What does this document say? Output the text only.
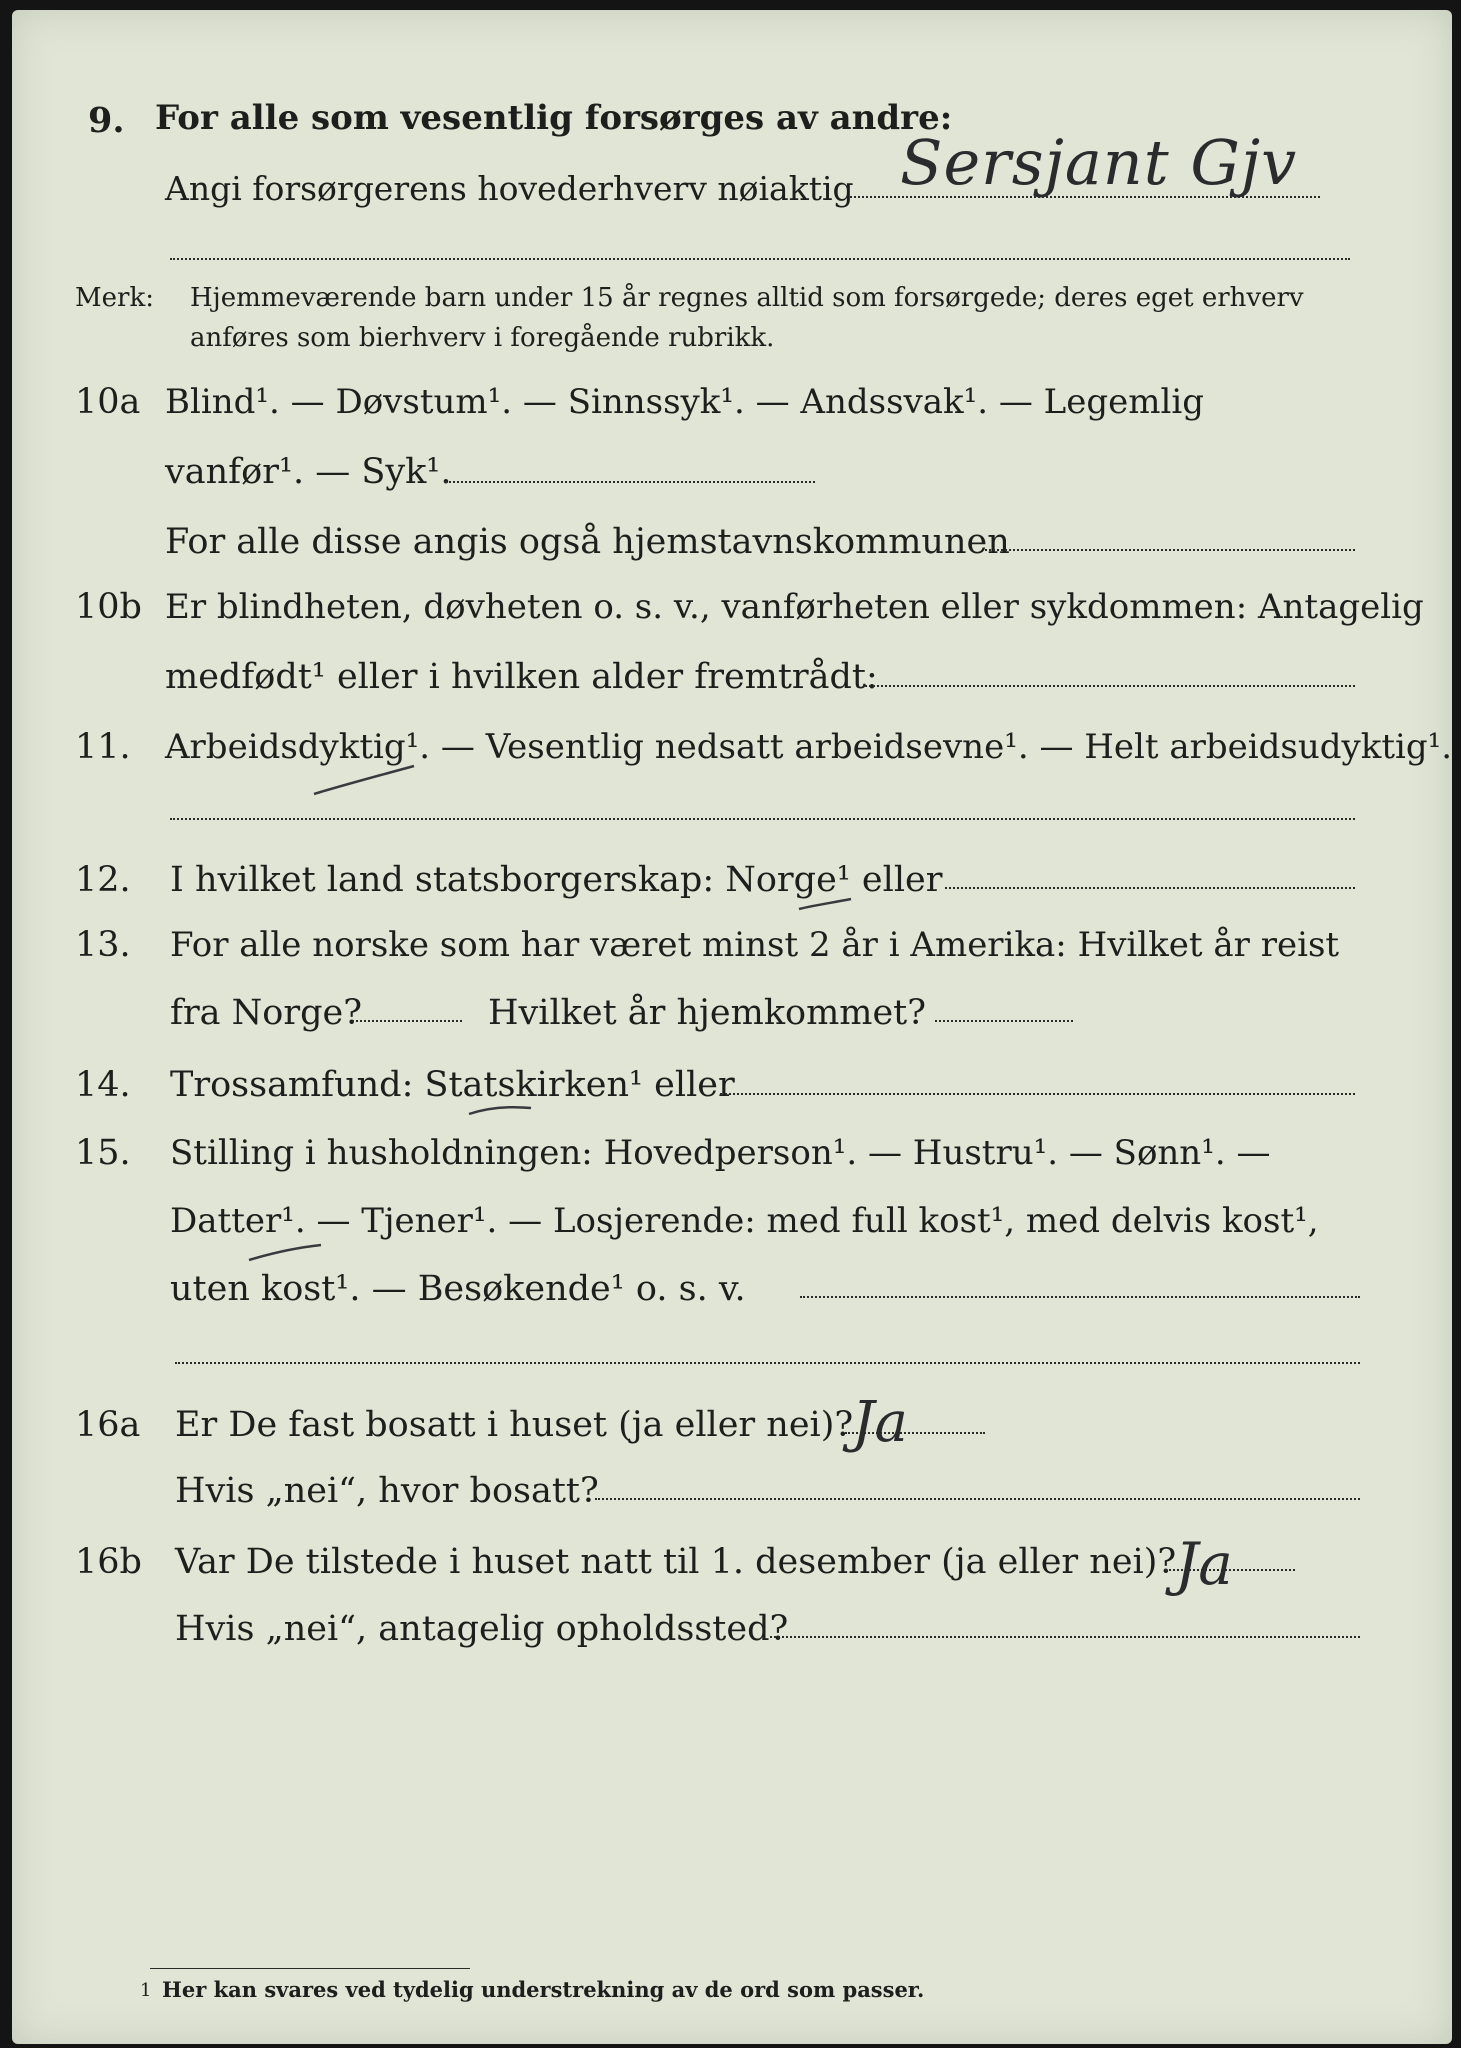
9. For alle som vesentlig forsørges av andre:
Angi forsørgerens hovederhverv nøiaktig Sersjant Gjv
Merk: Hjemmeværende barn under 15 år regnes alltid som forsørgede; deres eget erhverv
anføres som bierhverv i foregående rubrikk.
10a Blind¹. — Døvstum¹. — Sinnssyk¹. — Andssvak¹. — Legemlig
vanfør¹. — Syk¹.
For alle disse angis også hjemstavnskommunen
10b Er blindheten, døvheten o. s. v., vanførheten eller sykdommen: Antagelig
medfødt¹ eller i hvilken alder fremtrådt:
11. Arbeidsdyktig¹. — Vesentlig nedsatt arbeidsevne¹. — Helt arbeidsudyktig¹.
12. I hvilket land statsborgerskap: Norge¹ eller
13. For alle norske som har været minst 2 år i Amerika: Hvilket år reist
fra Norge?	Hvilket år hjemkommet?
14. Trossamfund: Statskirken¹ eller
15. Stilling i husholdningen: Hovedperson¹. — Hustru¹. — Sønn¹. —
Datter¹. — Tjener¹. — Losjerende: med full kost¹, med delvis kost¹,
uten kost¹. — Besøkende¹ o. s. v.
16a Er De fast bosatt i huset (ja eller nei)?
Ja
Hvis „nei“, hvor bosatt?
16b Var De tilstede i huset natt til 1. desember (ja eller nei)?
Ja
Hvis „nei“, antagelig opholdssted?
1 Her kan svares ved tydelig understrekning av de ord som passer.
